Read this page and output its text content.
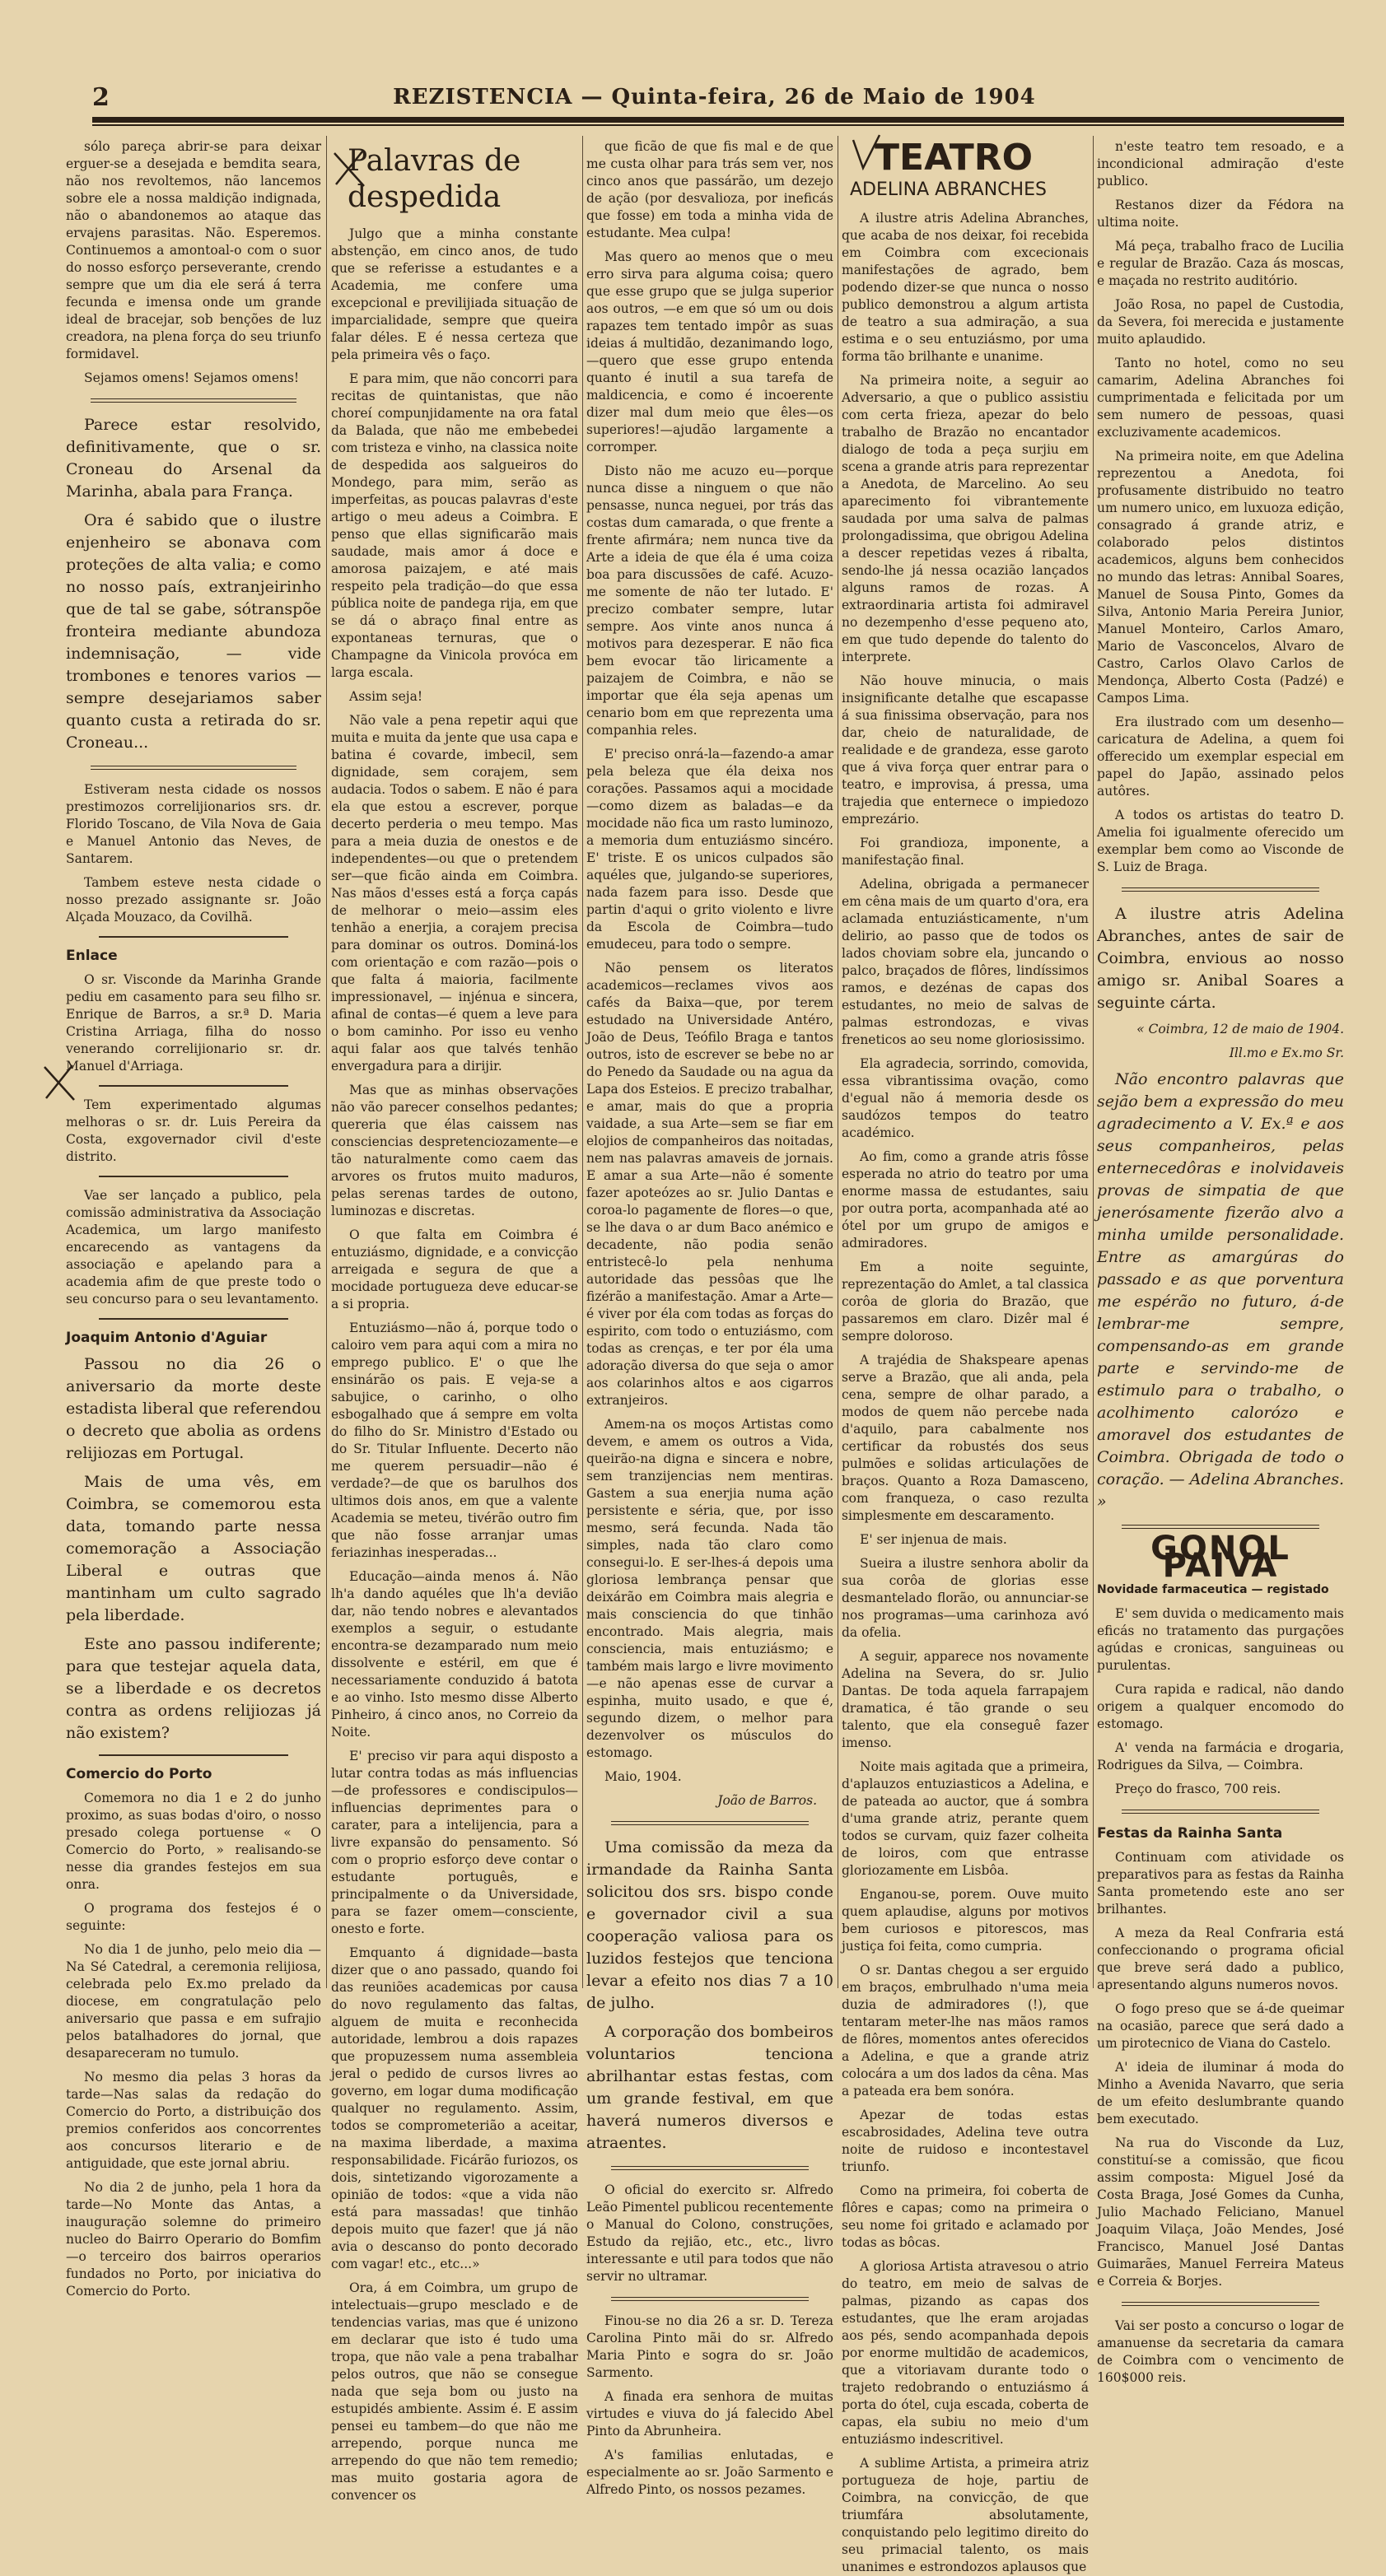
2	REZISTENCIA — Quinta-feira, 26 de Maio de 1904

sólo pareça abrir-se para deixar erguer-se a desejada e bemdita seara, não nos revoltemos, não lancemos sobre ele a nossa maldição indignada, não o abandonemos ao ataque das ervajens parasitas. Não. Esperemos. Continuemos a amontoal-o com o suor do nosso esforço perseverante, crendo sempre que um dia ele será á terra fecunda e imensa onde um grande ideal de bracejar, sob benções de luz creadora, na plena força do seu triunfo formidavel.

Sejamos omens! Sejamos omens!

Parece estar resolvido, definitivamente, que o sr. Croneau do Arsenal da Marinha, abala para França.

Ora é sabido que o ilustre enjenheiro se abonava com proteções de alta valia; e como no nosso país, extranjeirinho que de tal se gabe, sótranspõe fronteira mediante abundoza indemnisação, — vide trombones e tenores varios — sempre desejariamos saber quanto custa a retirada do sr. Croneau...

Estiveram nesta cidade os nossos prestimozos correlijionarios srs. dr. Florido Toscano, de Vila Nova de Gaia e Manuel Antonio das Neves, de Santarem.

Tambem esteve nesta cidade o nosso prezado assignante sr. João Alçada Mouzaco, da Covilhã.

Enlace

O sr. Visconde da Marinha Grande pediu em casamento para seu filho sr. Enrique de Barros, a sr.ª D. Maria Cristina Arriaga, filha do nosso venerando correlijionario sr. dr. Manuel d'Arriaga.

Tem experimentado algumas melhoras o sr. dr. Luis Pereira da Costa, exgovernador civil d'este distrito.

Vae ser lançado a publico, pela comissão administrativa da Associação Academica, um largo manifesto encarecendo as vantagens da associação e apelando para a academia afim de que preste todo o seu concurso para o seu levantamento.

Joaquim Antonio d'Aguiar

Passou no dia 26 o aniversario da morte deste estadista liberal que referendou o decreto que abolia as ordens relijiozas em Portugal.

Mais de uma vês, em Coimbra, se comemorou esta data, tomando parte nessa comemoração a Associação Liberal e outras que mantinham um culto sagrado pela liberdade.

Este ano passou indiferente; para que testejar aquela data, se a liberdade e os decretos contra as ordens relijiozas já não existem?

Comercio do Porto

Comemora no dia 1 e 2 do junho proximo, as suas bodas d'oiro, o nosso presado colega portuense « O Comercio do Porto, » realisando-se nesse dia grandes festejos em sua onra.

O programa dos festejos é o seguinte:

No dia 1 de junho, pelo meio dia — Na Sé Catedral, a ceremonia relijiosa, celebrada pelo Ex.mo prelado da diocese, em congratulação pelo aniversario que passa e em sufrajio pelos batalhadores do jornal, que desapareceram no tumulo.

No mesmo dia pelas 3 horas da tarde—Nas salas da redação do Comercio do Porto, a distribuição dos premios conferidos aos concorrentes aos concursos literario e de antiguidade, que este jornal abriu.

No dia 2 de junho, pela 1 hora da tarde—No Monte das Antas, a inauguração solemne do primeiro nucleo do Bairro Operario do Bomfim—o terceiro dos bairros operarios fundados no Porto, por iniciativa do Comercio do Porto.

Palavras de despedida

Julgo que a minha constante abstenção, em cinco anos, de tudo que se referisse a estudantes e a Academia, me confere uma excepcional e previlijiada situação de imparcialidade, sempre que queira falar déles. E é nessa certeza que pela primeira vês o faço.

E para mim, que não concorri para recitas de quintanistas, que não choreí compunjidamente na ora fatal da Balada, que não me embebedei com tristeza e vinho, na classica noite de despedida aos salgueiros do Mondego, para mim, serão as imperfeitas, as poucas palavras d'este artigo o meu adeus a Coimbra. E penso que ellas significarão mais saudade, mais amor á doce e amorosa paizajem, e até mais respeito pela tradição—do que essa pública noite de pandega rija, em que se dá o abraço final entre as expontaneas ternuras, que o Champagne da Vinicola provóca em larga escala.

Assim seja!

Não vale a pena repetir aqui que muita e muita da jente que usa capa e batina é covarde, imbecil, sem dignidade, sem corajem, sem audacia. Todos o sabem. E não é para ela que estou a escrever, porque decerto perderia o meu tempo. Mas para a meia duzia de onestos e de independentes—ou que o pretendem ser—que ficão ainda em Coimbra. Nas mãos d'esses está a força capás de melhorar o meio—assim eles tenhão a enerjia, a corajem precisa para dominar os outros. Dominá-los com orientação e com razão—pois o que falta á maioria, facilmente impressionavel, — injénua e sincera, afinal de contas—é quem a leve para o bom caminho. Por isso eu venho aqui falar aos que talvés tenhão envergadura para a dirijir.

Mas que as minhas observações não vão parecer conselhos pedantes; quereria que élas caissem nas consciencias despretenciozamente—e tão naturalmente como caem das arvores os frutos muito maduros, pelas serenas tardes de outono, luminozas e discretas.

O que falta em Coimbra é entuziásmo, dignidade, e a convicção arreigada e segura de que a mocidade portugueza deve educar-se a si propria.

Entuziásmo—não á, porque todo o caloiro vem para aqui com a mira no emprego publico. E' o que lhe ensinárão os pais. E veja-se a sabujice, o carinho, o olho esbogalhado que á sempre em volta do filho do Sr. Ministro d'Estado ou do Sr. Titular Influente. Decerto não me querem persuadir—não é verdade?—de que os barulhos dos ultimos dois anos, em que a valente Academia se meteu, tivérão outro fim que não fosse arranjar umas feriazinhas inesperadas...

Educação—ainda menos á. Não lh'a dando aquéles que lh'a devião dar, não tendo nobres e alevantados exemplos a seguir, o estudante encontra-se dezamparado num meio dissolvente e estéril, em que é necessariamente conduzido á batota e ao vinho. Isto mesmo disse Alberto Pinheiro, á cinco anos, no Correio da Noite.

E' preciso vir para aqui disposto a lutar contra todas as más influencias—de professores e condiscipulos—influencias deprimentes para o carater, para a intelijencia, para a livre expansão do pensamento. Só com o proprio esforço deve contar o estudante português, e principalmente o da Universidade, para se fazer omem—consciente, onesto e forte.

Emquanto á dignidade—basta dizer que o ano passado, quando foi das reuniões academicas por causa do novo regulamento das faltas, alguem de muita e reconhecida autoridade, lembrou a dois rapazes que propuzessem numa assembleia jeral o pedido de cursos livres ao governo, em logar duma modificação qualquer no regulamento. Assim, todos se comprometerião a aceitar, na maxima liberdade, a maxima responsabilidade. Ficárão furiozos, os dois, sintetizando vigorozamente a opinião de todos: «que a vida não está para massadas! que tinhão depois muito que fazer! que já não avia o descanso do ponto decorado com vagar! etc., etc...»

Ora, á em Coimbra, um grupo de intelectuais—grupo mesclado e de tendencias varias, mas que é unizono em declarar que isto é tudo uma tropa, que não vale a pena trabalhar pelos outros, que não se consegue nada que seja bom ou justo na estupidés ambiente. Assim é. E assim pensei eu tambem—do que não me arrependo, porque nunca me arrependo do que não tem remedio; mas muito gostaria agora de convencer os

que ficão de que fis mal e de que me custa olhar para trás sem ver, nos cinco anos que passárão, um dezejo de ação (por desvalioza, por ineficás que fosse) em toda a minha vida de estudante. Mea culpa!

Mas quero ao menos que o meu erro sirva para alguma coisa; quero que esse grupo que se julga superior aos outros, —e em que só um ou dois rapazes tem tentado impôr as suas ideias á multidão, dezanimando logo,—quero que esse grupo entenda quanto é inutil a sua tarefa de maldicencia, e como é incoerente dizer mal dum meio que êles—os superiores!—ajudão largamente a corromper.

Disto não me acuzo eu—porque nunca disse a ninguem o que não pensasse, nunca neguei, por trás das costas dum camarada, o que frente a frente afirmára; nem nunca tive da Arte a ideia de que éla é uma coiza boa para discussões de café. Acuzo-me somente de não ter lutado. E' precizo combater sempre, lutar sempre. Aos vinte anos nunca á motivos para dezesperar. E não fica bem evocar tão liricamente a paizajem de Coimbra, e não se importar que éla seja apenas um cenario bom em que reprezenta uma companhia reles.

E' preciso onrá-la—fazendo-a amar pela beleza que éla deixa nos corações. Passamos aqui a mocidade—como dizem as baladas—e da mocidade não fica um rasto luminozo, a memoria dum entuziásmo sincéro. E' triste. E os unicos culpados são aquéles que, julgando-se superiores, nada fazem para isso. Desde que partin d'aqui o grito violento e livre da Escola de Coimbra—tudo emudeceu, para todo o sempre.

Não pensem os literatos academicos—reclames vivos aos cafés da Baixa—que, por terem estudado na Universidade Antéro, João de Deus, Teófilo Braga e tantos outros, isto de escrever se bebe no ar do Penedo da Saudade ou na agua da Lapa dos Esteios. E precizo trabalhar, e amar, mais do que a propria vaidade, a sua Arte—sem se fiar em elojios de companheiros das noitadas, nem nas palavras amaveis de jornais. E amar a sua Arte—não é somente fazer apoteózes ao sr. Julio Dantas e coroa-lo pagamente de flores—o que, se lhe dava o ar dum Baco anémico e decadente, não podia senão entristecê-lo pela nenhuma autoridade das pessôas que lhe fizérão a manifestação. Amar a Arte—é viver por éla com todas as forças do espirito, com todo o entuziásmo, com todas as crenças, e ter por éla uma adoração diversa do que seja o amor aos colarinhos altos e aos cigarros extranjeiros.

Amem-na os moços Artistas como devem, e amem os outros a Vida, queirão-na digna e sincera e nobre, sem tranzijencias nem mentiras. Gastem a sua enerjia numa ação persistente e séria, que, por isso mesmo, será fecunda. Nada tão simples, nada tão claro como consegui-lo. E ser-lhes-á depois uma gloriosa lembrança pensar que deixárão em Coimbra mais alegria e mais consciencia do que tinhão encontrado. Mais alegria, mais consciencia, mais entuziásmo; e também mais largo e livre movimento—e não apenas esse de curvar a espinha, muito usado, e que é, segundo dizem, o melhor para dezenvolver os músculos do estomago.

Maio, 1904.

João de Barros.

Uma comissão da meza da irmandade da Rainha Santa solicitou dos srs. bispo conde e governador civil a sua cooperação valiosa para os luzidos festejos que tenciona levar a efeito nos dias 7 a 10 de julho.

A corporação dos bombeiros voluntarios tenciona abrilhantar estas festas, com um grande festival, em que haverá numeros diversos e atraentes.

O oficial do exercito sr. Alfredo Leão Pimentel publicou recentemente o Manual do Colono, construções, Estudo da rejião, etc., etc., livro interessante e util para todos que não servir no ultramar.

Finou-se no dia 26 a sr. D. Tereza Carolina Pinto mãi do sr. Alfredo Maria Pinto e sogra do sr. João Sarmento.

A finada era senhora de muitas virtudes e viuva do já falecido Abel Pinto da Abrunheira.

A's familias enlutadas, e especialmente ao sr. João Sarmento e Alfredo Pinto, os nossos pezames.

TEATRO
ADELINA ABRANCHES

A ilustre atris Adelina Abranches, que acaba de nos deixar, foi recebida em Coimbra com excecionais manifestações de agrado, bem podendo dizer-se que nunca o nosso publico demonstrou a algum artista de teatro a sua admiração, a sua estima e o seu entuziásmo, por uma forma tão brilhante e unanime.

Na primeira noite, a seguir ao Adversario, a que o publico assistiu com certa frieza, apezar do belo trabalho de Brazão no encantador dialogo de toda a peça surjiu em scena a grande atris para reprezentar a Anedota, de Marcelino. Ao seu aparecimento foi vibrantemente saudada por uma salva de palmas prolongadissima, que obrigou Adelina a descer repetidas vezes á ribalta, sendo-lhe já nessa ocazião lançados alguns ramos de rozas. A extraordinaria artista foi admiravel no dezempenho d'esse pequeno ato, em que tudo depende do talento do interprete.

Não houve minucia, o mais insignificante detalhe que escapasse á sua finissima observação, para nos dar, cheio de naturalidade, de realidade e de grandeza, esse garoto que á viva força quer entrar para o teatro, e improvisa, á pressa, uma trajedia que enternece o impiedozo emprezário.

Foi grandioza, imponente, a manifestação final.

Adelina, obrigada a permanecer em cêna mais de um quarto d'ora, era aclamada entuziásticamente, n'um delirio, ao passo que de todos os lados choviam sobre ela, juncando o palco, braçados de flôres, lindíssimos ramos, e dezénas de capas dos estudantes, no meio de salvas de palmas estrondozas, e vivas freneticos ao seu nome gloriosissimo.

Ela agradecia, sorrindo, comovida, essa vibrantissima ovação, como d'egual não á memoria desde os saudózos tempos do teatro académico.

Ao fim, como a grande atris fôsse esperada no atrio do teatro por uma enorme massa de estudantes, saiu por outra porta, acompanhada até ao ótel por um grupo de amigos e admiradores.

Em a noite seguinte, reprezentação do Amlet, a tal classica corôa de gloria do Brazão, que passaremos em claro. Dizêr mal é sempre doloroso.

A trajédia de Shakspeare apenas serve a Brazão, que ali anda, pela cena, sempre de olhar parado, a modos de quem não percebe nada d'aquilo, para cabalmente nos certificar da robustés dos seus pulmões e solidas articulações de braços. Quanto a Roza Damasceno, com franqueza, o caso rezulta simplesmente em descaramento.

E' ser injenua de mais.

Sueira a ilustre senhora abolir da sua corôa de glorias esse desmantelado florão, ou annunciar-se nos programas—uma carinhoza avó da ofelia.

A seguir, apparece nos novamente Adelina na Severa, do sr. Julio Dantas. De toda aquela farrapajem dramatica, é tão grande o seu talento, que ela conseguê fazer imenso.

Noite mais agitada que a primeira, d'aplauzos entuziasticos a Adelina, e de pateada ao auctor, que á sombra d'uma grande atriz, perante quem todos se curvam, quiz fazer colheita de loiros, com que entrasse gloriozamente em Lisbôa.

Enganou-se, porem. Ouve muito quem aplaudise, alguns por motivos bem curiosos e pitorescos, mas justiça foi feita, como cumpria.

O sr. Dantas chegou a ser erguido em braços, embrulhado n'uma meia duzia de admiradores (!), que tentaram meter-lhe nas mãos ramos de flôres, momentos antes oferecidos a Adelina, e que a grande atriz colocára a um dos lados da cêna. Mas a pateada era bem sonóra.

Apezar de todas estas escabrosidades, Adelina teve outra noite de ruidoso e incontestavel triunfo.

Como na primeira, foi coberta de flôres e capas; como na primeira o seu nome foi gritado e aclamado por todas as bôcas.

A gloriosa Artista atravesou o atrio do teatro, em meio de salvas de palmas, pizando as capas dos estudantes, que lhe eram arojadas aos pés, sendo acompanhada depois por enorme multidão de academicos, que a vitoriavam durante todo o trajeto redobrando o entuziásmo á porta do ótel, cuja escada, coberta de capas, ela subiu no meio d'um entuziásmo indescritivel.

A sublime Artista, a primeira atriz portugueza de hoje, partiu de Coimbra, na convicção, de que triumfára absolutamente, conquistando pelo legitimo direito do seu primacial talento, os mais unanimes e estrondozos aplausos que

n'este teatro tem resoado, e a incondicional admiração d'este publico.

Restanos dizer da Fédora na ultima noite.

Má peça, trabalho fraco de Lucilia e regular de Brazão. Caza ás moscas, e maçada no restrito auditório.

João Rosa, no papel de Custodia, da Severa, foi merecida e justamente muito aplaudido.

Tanto no hotel, como no seu camarim, Adelina Abranches foi cumprimentada e felicitada por um sem numero de pessoas, quasi excluzivamente academicos.

Na primeira noite, em que Adelina reprezentou a Anedota, foi profusamente distribuido no teatro um numero unico, em luxuoza edição, consagrado á grande atriz, e colaborado pelos distintos academicos, alguns bem conhecidos no mundo das letras: Annibal Soares, Manuel de Sousa Pinto, Gomes da Silva, Antonio Maria Pereira Junior, Manuel Monteiro, Carlos Amaro, Mario de Vasconcelos, Alvaro de Castro, Carlos Olavo Carlos de Mendonça, Alberto Costa (Padzé) e Campos Lima.

Era ilustrado com um desenho—caricatura de Adelina, a quem foi offerecido um exemplar especial em papel do Japão, assinado pelos autôres.

A todos os artistas do teatro D. Amelia foi igualmente oferecido um exemplar bem como ao Visconde de S. Luiz de Braga.

A ilustre atris Adelina Abranches, antes de sair de Coimbra, envious ao nosso amigo sr. Anibal Soares a seguinte cárta.

« Coimbra, 12 de maio de 1904.

Ill.mo e Ex.mo Sr.

Não encontro palavras que sejão bem a expressão do meu agradecimento a V. Ex.ª e aos seus companheiros, pelas enternecedôras e inolvidaveis provas de simpatia de que jenerósamente fizerão alvo a minha umilde personalidade. Entre as amargúras do passado e as que porventura me espérão no futuro, á-de lembrar-me sempre, compensando-as em grande parte e servindo-me de estimulo para o trabalho, o acolhimento calorózo e amoravel dos estudantes de Coimbra. Obrigada de todo o coração. — Adelina Abranches. »

GONOL PAIVA
Novidade farmaceutica — registado

E' sem duvida o medicamento mais eficás no tratamento das purgações agúdas e cronicas, sanguineas ou purulentas.

Cura rapida e radical, não dando origem a qualquer encomodo do estomago.

A' venda na farmácia e drogaria, Rodrigues da Silva, — Coimbra.

Preço do frasco, 700 reis.

Festas da Rainha Santa

Continuam com atividade os preparativos para as festas da Rainha Santa prometendo este ano ser brilhantes.

A meza da Real Confraria está confeccionando o programa oficial que breve será dado a publico, apresentando alguns numeros novos.

O fogo preso que se á-de queimar na ocasião, parece que será dado a um pirotecnico de Viana do Castelo.

A' ideia de iluminar á moda do Minho a Avenida Navarro, que seria de um efeito deslumbrante quando bem executado.

Na rua do Visconde da Luz, constituí-se a comissão, que ficou assim composta: Miguel José da Costa Braga, José Gomes da Cunha, Julio Machado Feliciano, Manuel Joaquim Vilaça, João Mendes, José Francisco, Manuel José Dantas Guimarães, Manuel Ferreira Mateus e Correia & Borjes.

Vai ser posto a concurso o logar de amanuense da secretaria da camara de Coimbra com o vencimento de 160$000 reis.
